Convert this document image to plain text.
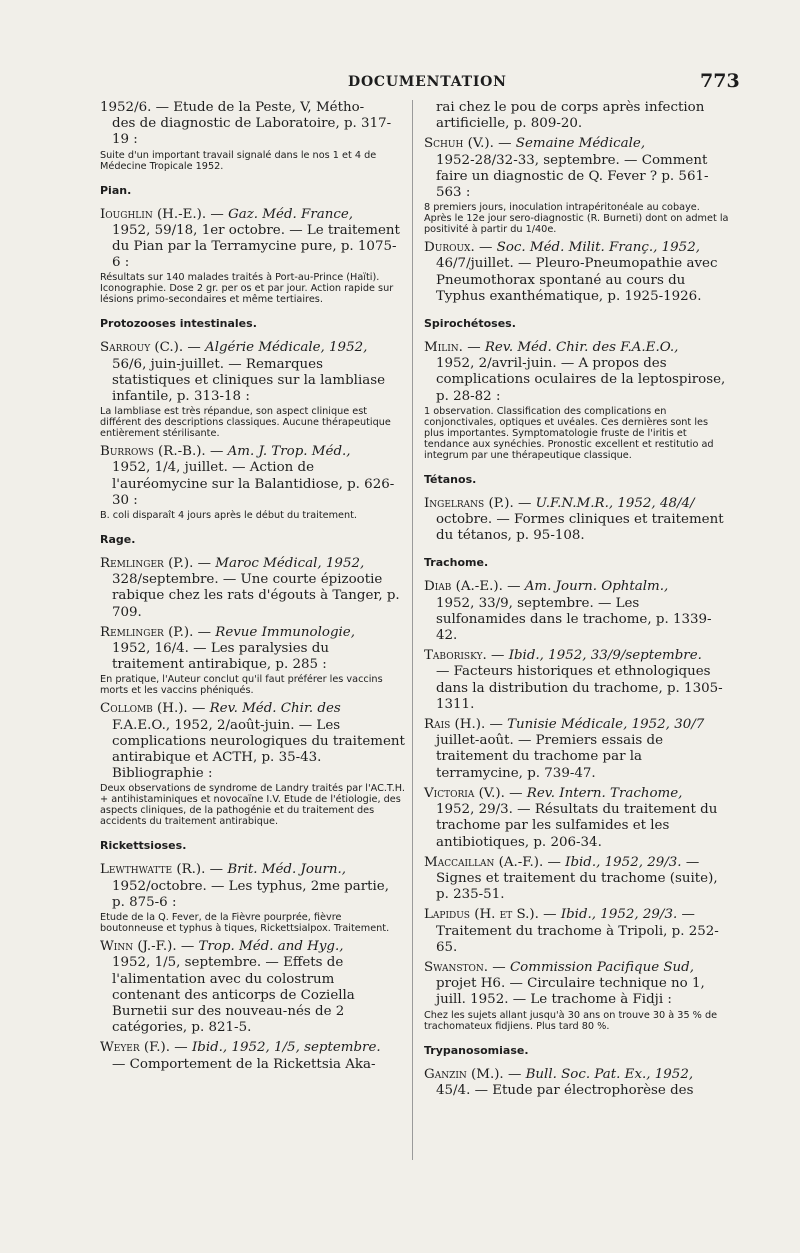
DOCUMENTATION	773

1952/6. — Etude de la Peste, V, Métho-
des de diagnostic de Laboratoire, p. 317-19 :

Suite d'un important travail signalé dans le nos 1 et 4 de Médecine Tropicale 1952.

Pian.

Ioughlin (H.-E.). — Gaz. Méd. France,
1952, 59/18, 1er octobre. — Le traitement du Pian par la Terramycine pure, p. 1075-6 :

Résultats sur 140 malades traités à Port-au-Prince (Haïti). Iconographie. Dose 2 gr. per os et par jour. Action rapide sur lésions primo-secondaires et même tertiaires.

Protozooses intestinales.

Sarrouy (C.). — Algérie Médicale, 1952,
56/6, juin-juillet. — Remarques statistiques et cliniques sur la lambliase infantile, p. 313-18 :

La lambliase est très répandue, son aspect clinique est différent des descriptions classiques. Aucune thérapeutique entièrement stérilisante.

Burrows (R.-B.). — Am. J. Trop. Méd.,
1952, 1/4, juillet. — Action de l'auréomycine sur la Balantidiose, p. 626-30 :

B. coli disparaît 4 jours après le début du traitement.

Rage.

Remlinger (P.). — Maroc Médical, 1952,
328/septembre. — Une courte épizootie rabique chez les rats d'égouts à Tanger, p. 709.

Remlinger (P.). — Revue Immunologie,
1952, 16/4. — Les paralysies du traitement antirabique, p. 285 :

En pratique, l'Auteur conclut qu'il faut préférer les vaccins morts et les vaccins phéniqués.

Collomb (H.). — Rev. Méd. Chir. des
F.A.E.O., 1952, 2/août-juin. — Les complications neurologiques du traitement antirabique et ACTH, p. 35-43. Bibliographie :

Deux observations de syndrome de Landry traités par l'AC.T.H. + antihistaminiques et novocaïne I.V. Etude de l'étiologie, des aspects cliniques, de la pathogénie et du traitement des accidents du traitement antirabique.

Rickettsioses.

Lewthwatte (R.). — Brit. Méd. Journ.,
1952/octobre. — Les typhus, 2me partie, p. 875-6 :

Etude de la Q. Fever, de la Fièvre pourprée, fièvre boutonneuse et typhus à tiques, Rickettsialpox. Traitement.

Winn (J.-F.). — Trop. Méd. and Hyg.,
1952, 1/5, septembre. — Effets de l'alimentation avec du colostrum contenant des anticorps de Coziella Burnetii sur des nouveau-nés de 2 catégories, p. 821-5.

Weyer (F.). — Ibid., 1952, 1/5, septembre.
— Comportement de la Rickettsia Aka-

rai chez le pou de corps après infection artificielle, p. 809-20.

Schuh (V.). — Semaine Médicale,
1952-28/32-33, septembre. — Comment faire un diagnostic de Q. Fever ? p. 561-563 :

8 premiers jours, inoculation intrapéritonéale au cobaye. Après le 12e jour sero-diagnostic (R. Burneti) dont on admet la positivité à partir du 1/40e.

Duroux. — Soc. Méd. Milit. Franç., 1952,
46/7/juillet. — Pleuro-Pneumopathie avec Pneumothorax spontané au cours du Typhus exanthématique, p. 1925-1926.

Spirochétoses.

Milin. — Rev. Méd. Chir. des F.A.E.O.,
1952, 2/avril-juin. — A propos des complications oculaires de la leptospirose, p. 28-82 :

1 observation. Classification des complications en conjonctivales, optiques et uvéales. Ces dernières sont les plus importantes. Symptomatologie fruste de l'iritis et tendance aux synéchies. Pronostic excellent et restitutio ad integrum par une thérapeutique classique.

Tétanos.

Ingelrans (P.). — U.F.N.M.R., 1952, 48/4/
octobre. — Formes cliniques et traitement du tétanos, p. 95-108.

Trachome.

Diab (A.-E.). — Am. Journ. Ophtalm.,
1952, 33/9, septembre. — Les sulfonamides dans le trachome, p. 1339-42.

Taborisky. — Ibid., 1952, 33/9/septembre.
— Facteurs historiques et ethnologiques dans la distribution du trachome, p. 1305-1311.

Rais (H.). — Tunisie Médicale, 1952, 30/7
juillet-août. — Premiers essais de traitement du trachome par la terramycine, p. 739-47.

Victoria (V.). — Rev. Intern. Trachome,
1952, 29/3. — Résultats du traitement du trachome par les sulfamides et les antibiotiques, p. 206-34.

Maccaillan (A.-F.). — Ibid., 1952, 29/3. —
Signes et traitement du trachome (suite), p. 235-51.

Lapidus (H. et S.). — Ibid., 1952, 29/3. —
Traitement du trachome à Tripoli, p. 252-65.

Swanston. — Commission Pacifique Sud,
projet H6. — Circulaire technique no 1, juill. 1952. — Le trachome à Fidji :

Chez les sujets allant jusqu'à 30 ans on trouve 30 à 35 % de trachomateux fidjiens. Plus tard 80 %.

Trypanosomiase.

Ganzin (M.). — Bull. Soc. Pat. Ex., 1952,
45/4. — Etude par électrophorèse des
